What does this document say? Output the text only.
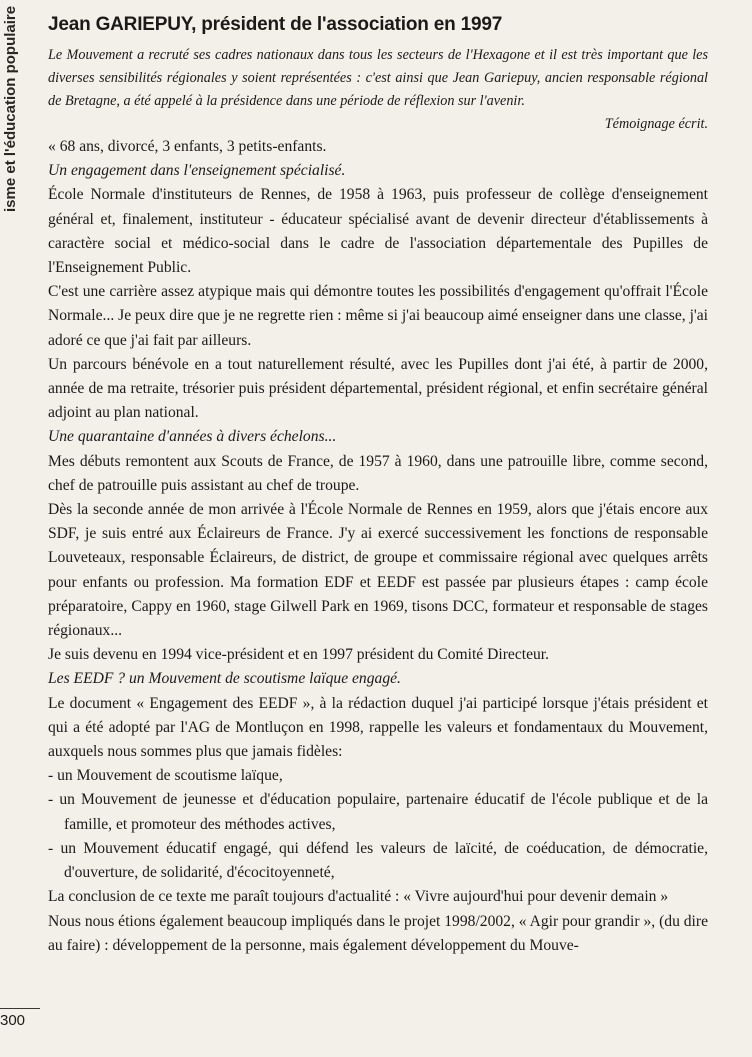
isme et l'éducation populaire Jean GARIEPUY, président de l'association en 1997

Le Mouvement a recruté ses cadres nationaux dans tous les secteurs de l'Hexagone et il est très important que les diverses sensibilités régionales y soient représentées : c'est ainsi que Jean Gariepuy, ancien responsable régional de Bretagne, a été appelé à la présidence dans une période de réflexion sur l'avenir.

Témoignage écrit.

« 68 ans, divorcé, 3 enfants, 3 petits-enfants.

Un engagement dans l'enseignement spécialisé.

École Normale d'instituteurs de Rennes, de 1958 à 1963, puis professeur de collège d'enseignement général et, finalement, instituteur - éducateur spécialisé avant de devenir directeur d'établissements à caractère social et médico-social dans le cadre de l'association départementale des Pupilles de l'Enseignement Public.

C'est une carrière assez atypique mais qui démontre toutes les possibilités d'engagement qu'offrait l'École Normale... Je peux dire que je ne regrette rien : même si j'ai beaucoup aimé enseigner dans une classe, j'ai adoré ce que j'ai fait par ailleurs.

Un parcours bénévole en a tout naturellement résulté, avec les Pupilles dont j'ai été, à partir de 2000, année de ma retraite, trésorier puis président départemental, président régional, et enfin secrétaire général adjoint au plan national.

Une quarantaine d'années à divers échelons...

Mes débuts remontent aux Scouts de France, de 1957 à 1960, dans une patrouille libre, comme second, chef de patrouille puis assistant au chef de troupe.

Dès la seconde année de mon arrivée à l'École Normale de Rennes en 1959, alors que j'étais encore aux SDF, je suis entré aux Éclaireurs de France. J'y ai exercé successivement les fonctions de responsable Louveteaux, responsable Éclaireurs, de district, de groupe et commissaire régional avec quelques arrêts pour enfants ou profession. Ma formation EDF et EEDF est passée par plusieurs étapes : camp école préparatoire, Cappy en 1960, stage Gilwell Park en 1969, tisons DCC, formateur et responsable de stages régionaux...

Je suis devenu en 1994 vice-président et en 1997 président du Comité Directeur.

Les EEDF ? un Mouvement de scoutisme laïque engagé.

Le document « Engagement des EEDF », à la rédaction duquel j'ai participé lorsque j'étais président et qui a été adopté par l'AG de Montluçon en 1998, rappelle les valeurs et fondamentaux du Mouvement, auxquels nous sommes plus que jamais fidèles:

- un Mouvement de scoutisme laïque,
- un Mouvement de jeunesse et d'éducation populaire, partenaire éducatif de l'école publique et de la famille, et promoteur des méthodes actives,
- un Mouvement éducatif engagé, qui défend les valeurs de laïcité, de coéducation, de démocratie, d'ouverture, de solidarité, d'écocitoyenneté,

La conclusion de ce texte me paraît toujours d'actualité : « Vivre aujourd'hui pour devenir demain »

Nous nous étions également beaucoup impliqués dans le projet 1998/2002, « Agir pour grandir », (du dire au faire) : développement de la personne, mais également développement du Mouve-

300
